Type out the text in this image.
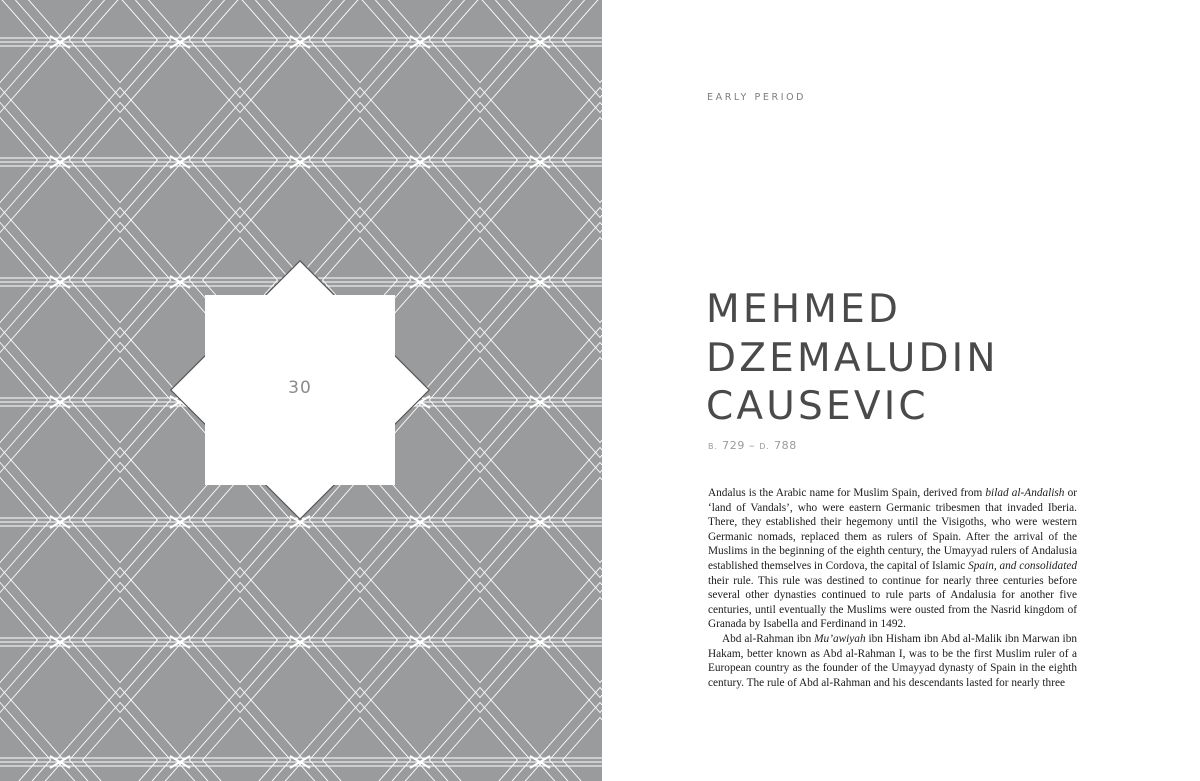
30
EARLY PERIOD
MEHMED
DZEMALUDIN
CAUSEVIC
B. 729 – D. 788

Andalus is the Arabic name for Muslim Spain, derived from bilad al-Andalish or ‘land of Vandals’, who were eastern Germanic tribesmen that invaded Iberia. There, they established their hegemony until the Visigoths, who were western Germanic nomads, replaced them as rulers of Spain. After the arrival of the Muslims in the beginning of the eighth century, the Umayyad rulers of Andalusia established themselves in Cordova, the capital of Islamic Spain, and consolidated their rule. This rule was destined to continue for nearly three centuries before several other dynasties continued to rule parts of Andalusia for another five centuries, until eventually the Muslims were ousted from the Nasrid kingdom of Granada by Isabella and Ferdinand in 1492.

Abd al-Rahman ibn Mu’awiyah ibn Hisham ibn Abd al-Malik ibn Marwan ibn Hakam, better known as Abd al-Rahman I, was to be the first Muslim ruler of a European country as the founder of the Umayyad dynasty of Spain in the eighth century. The rule of Abd al-Rahman and his descendants lasted for nearly three
